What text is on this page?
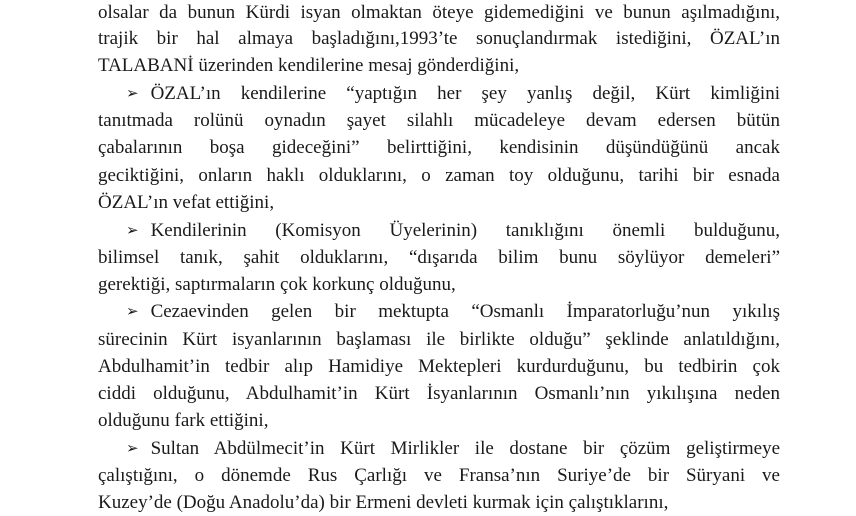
olsalar da bunun Kürdi isyan olmaktan öteye gidemediğini ve bunun aşılmadığını,
trajik bir hal almaya başladığını,1993’te sonuçlandırmak istediğini, ÖZAL’ın
TALABANİ üzerinden kendilerine mesaj gönderdiğini,
➢ ÖZAL’ın kendilerine “yaptığın her şey yanlış değil, Kürt kimliğini
tanıtmada rolünü oynadın şayet silahlı mücadeleye devam edersen bütün
çabalarının boşa gideceğini” belirttiğini, kendisinin düşündüğünü ancak
geciktiğini, onların haklı olduklarını, o zaman toy olduğunu, tarihi bir esnada
ÖZAL’ın vefat ettiğini,
➢ Kendilerinin (Komisyon Üyelerinin) tanıklığını önemli bulduğunu,
bilimsel tanık, şahit olduklarını, “dışarıda bilim bunu söylüyor demeleri”
gerektiği, saptırmaların çok korkunç olduğunu,
➢ Cezaevinden gelen bir mektupta “Osmanlı İmparatorluğu’nun yıkılış
sürecinin Kürt isyanlarının başlaması ile birlikte olduğu” şeklinde anlatıldığını,
Abdulhamit’in tedbir alıp Hamidiye Mektepleri kurdurduğunu, bu tedbirin çok
ciddi olduğunu, Abdulhamit’in Kürt İsyanlarının Osmanlı’nın yıkılışına neden
olduğunu fark ettiğini,
➢ Sultan Abdülmecit’in Kürt Mirlikler ile dostane bir çözüm geliştirmeye
çalıştığını, o dönemde Rus Çarlığı ve Fransa’nın Suriye’de bir Süryani ve
Kuzey’de (Doğu Anadolu’da) bir Ermeni devleti kurmak için çalıştıklarını,
